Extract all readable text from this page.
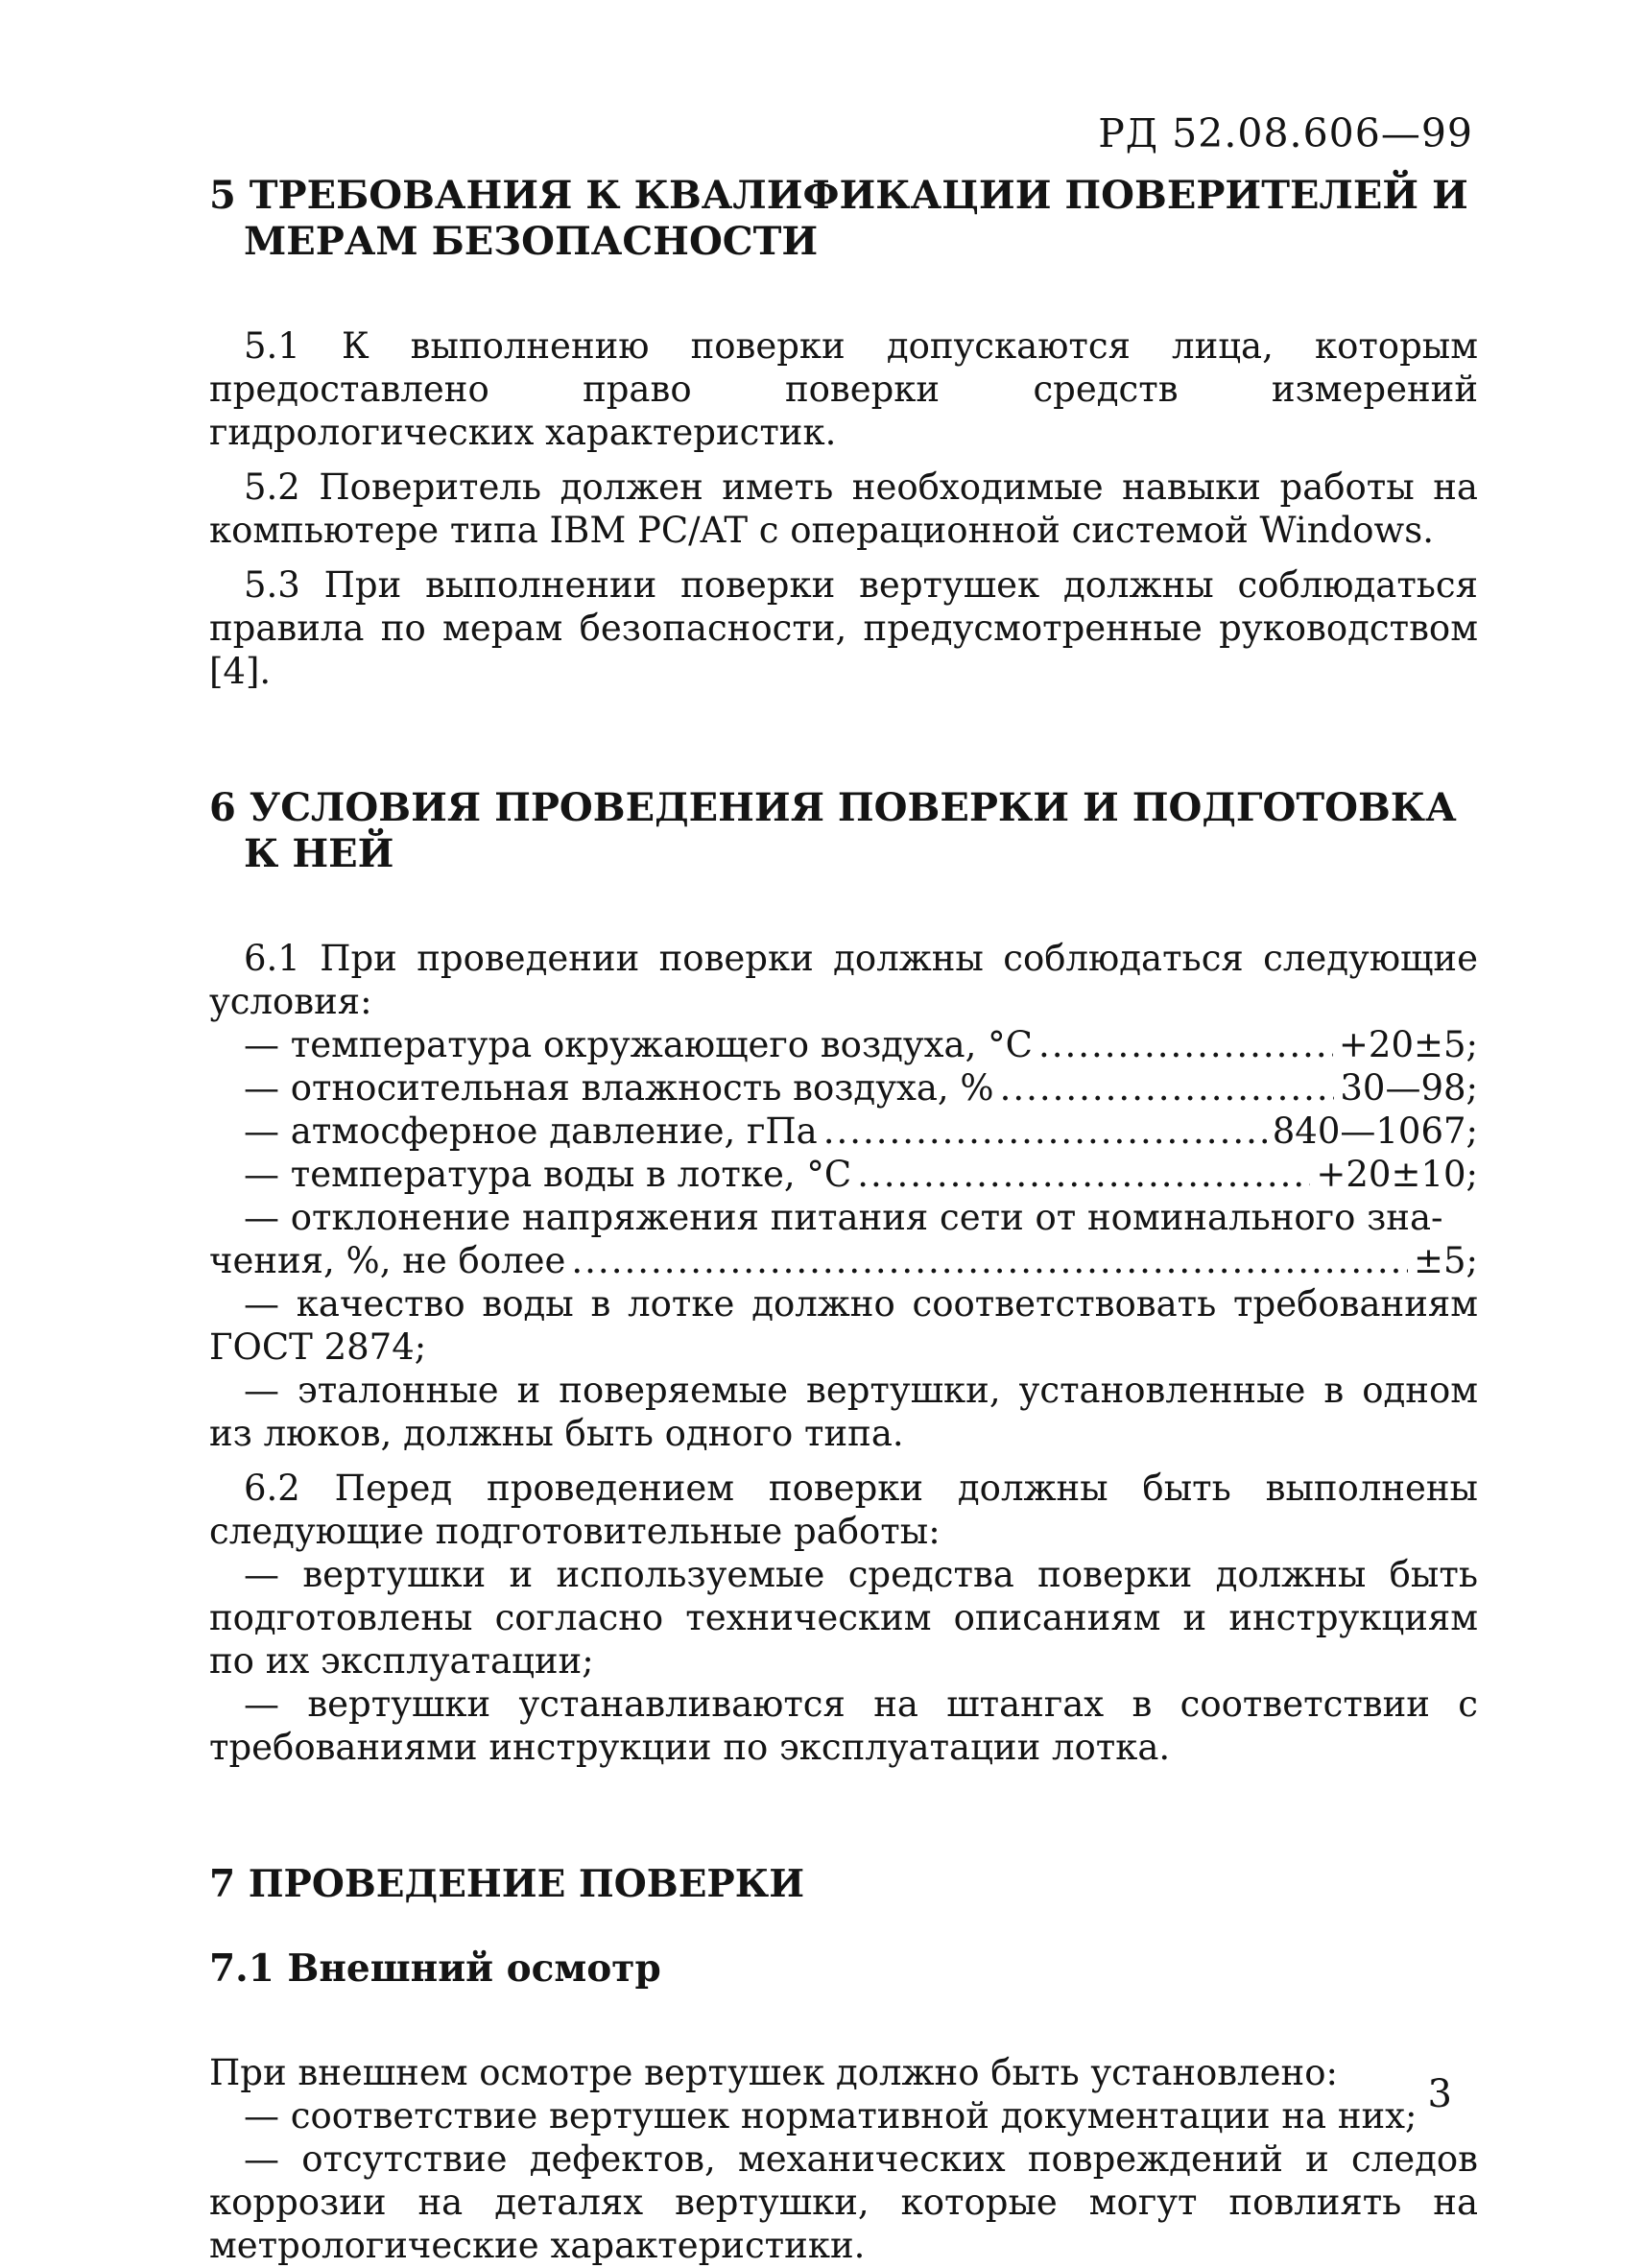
РД 52.08.606—99
5 ТРЕБОВАНИЯ К КВАЛИФИКАЦИИ ПОВЕРИТЕЛЕЙ И МЕРАМ БЕЗОПАСНОСТИ

5.1 К выполнению поверки допускаются лица, которым предоставлено право поверки средств измерений гидрологических характеристик.

5.2 Поверитель должен иметь необходимые навыки работы на компьютере типа IBM PC/AT с операционной системой Windows.

5.3 При выполнении поверки вертушек должны соблюдаться правила по мерам безопасности, предусмотренные руководством [4].

6 УСЛОВИЯ ПРОВЕДЕНИЯ ПОВЕРКИ И ПОДГОТОВКА К НЕЙ

6.1 При проведении поверки должны соблюдаться следующие условия:

— температура окружающего воздуха, °С .....	+20±5;
— относительная влажность воздуха, % .....	30—98;
— атмосферное давление, гПа .....	840—1067;
— температура воды в лотке, °С .....	+20±10;

— отклонение напряжения питания сети от номинального зна-

чения, %, не более .....	±5;

— качество воды в лотке должно соответствовать требованиям ГОСТ 2874;

— эталонные и поверяемые вертушки, установленные в одном из люков, должны быть одного типа.

6.2 Перед проведением поверки должны быть выполнены следующие подготовительные работы:

— вертушки и используемые средства поверки должны быть подготовлены согласно техническим описаниям и инструкциям по их эксплуатации;

— вертушки устанавливаются на штангах в соответствии с требованиями инструкции по эксплуатации лотка.

7 ПРОВЕДЕНИЕ ПОВЕРКИ
7.1 Внешний осмотр

При внешнем осмотре вертушек должно быть установлено:

— соответствие вертушек нормативной документации на них;

— отсутствие дефектов, механических повреждений и следов коррозии на деталях вертушки, которые могут повлиять на метрологические характеристики.

3
